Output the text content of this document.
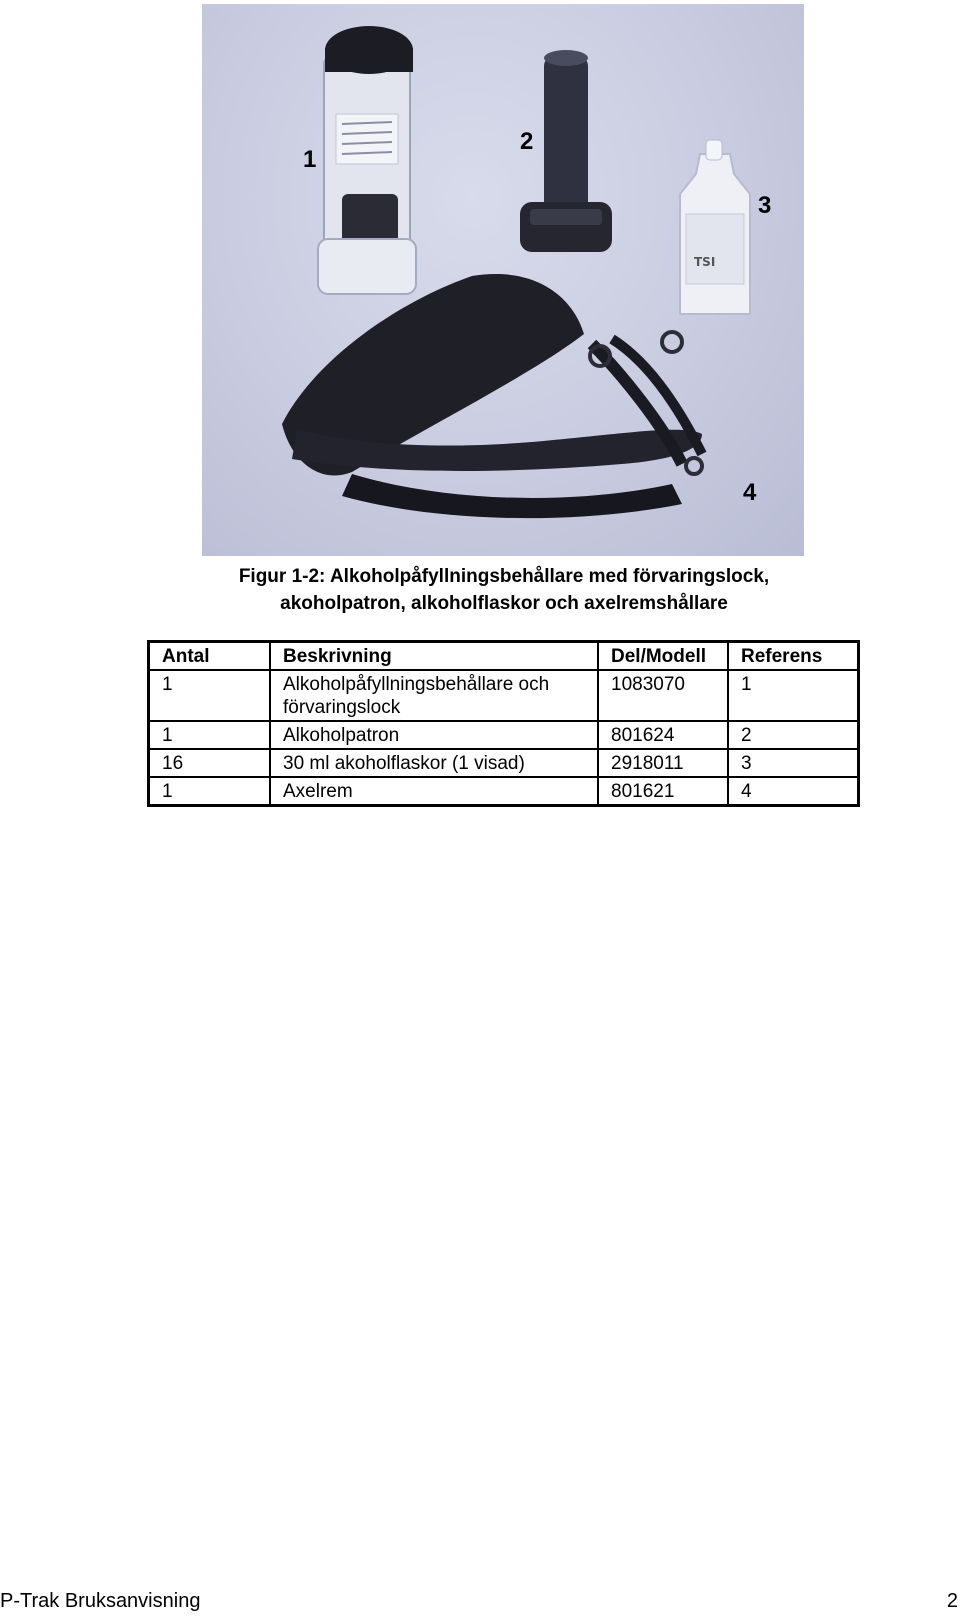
TSI
1
2
3
4
Figur 1-2: Alkoholpåfyllningsbehållare med förvaringslock,
akoholpatron, alkoholflaskor och axelremshållare
Antal	Beskrivning	Del/Modell	Referens
1	Alkoholpåfyllningsbehållare och förvaringslock	1083070	1
1	Alkoholpatron	801624	2
16	30 ml akoholflaskor (1 visad)	2918011	3
1	Axelrem	801621	4
P-Trak Bruksanvisning	2
